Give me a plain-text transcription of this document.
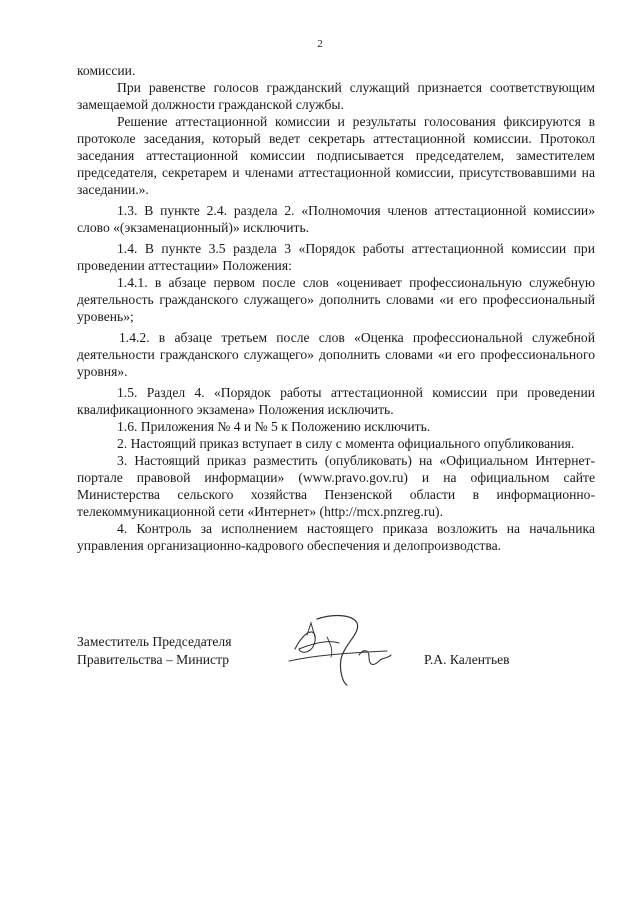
2

комиссии.

При равенстве голосов гражданский служащий признается соответствующим замещаемой должности гражданской службы.

Решение аттестационной комиссии и результаты голосования фиксируются в протоколе заседания, который ведет секретарь аттестационной комиссии. Протокол заседания аттестационной комиссии подписывается председателем, заместителем председателя, секретарем и членами аттестационной комиссии, присутствовавшими на заседании.».

1.3. В пункте 2.4. раздела 2. «Полномочия членов аттестационной комиссии» слово «(экзаменационный)» исключить.

1.4. В пункте 3.5 раздела 3 «Порядок работы аттестационной комиссии при проведении аттестации» Положения:

1.4.1. в абзаце первом после слов «оценивает профессиональную служебную деятельность гражданского служащего» дополнить словами «и его профессиональный уровень»;

1.4.2. в абзаце третьем после слов «Оценка профессиональной служебной деятельности гражданского служащего» дополнить словами «и его профессионального уровня».

1.5. Раздел 4. «Порядок работы аттестационной комиссии при проведении квалификационного экзамена» Положения исключить.

1.6. Приложения № 4 и № 5 к Положению исключить.

2. Настоящий приказ вступает в силу с момента официального опубликования.

3. Настоящий приказ разместить (опубликовать) на «Официальном Интернет-портале правовой информации» (www.pravo.gov.ru) и на официальном сайте Министерства сельского хозяйства Пензенской области в информационно-телекоммуникационной сети «Интернет» (http://mcx.pnzreg.ru).

4. Контроль за исполнением настоящего приказа возложить на начальника управления организационно-кадрового обеспечения и делопроизводства.

Заместитель Председателя
Правительства – Министр	Р.А. Калентьев
